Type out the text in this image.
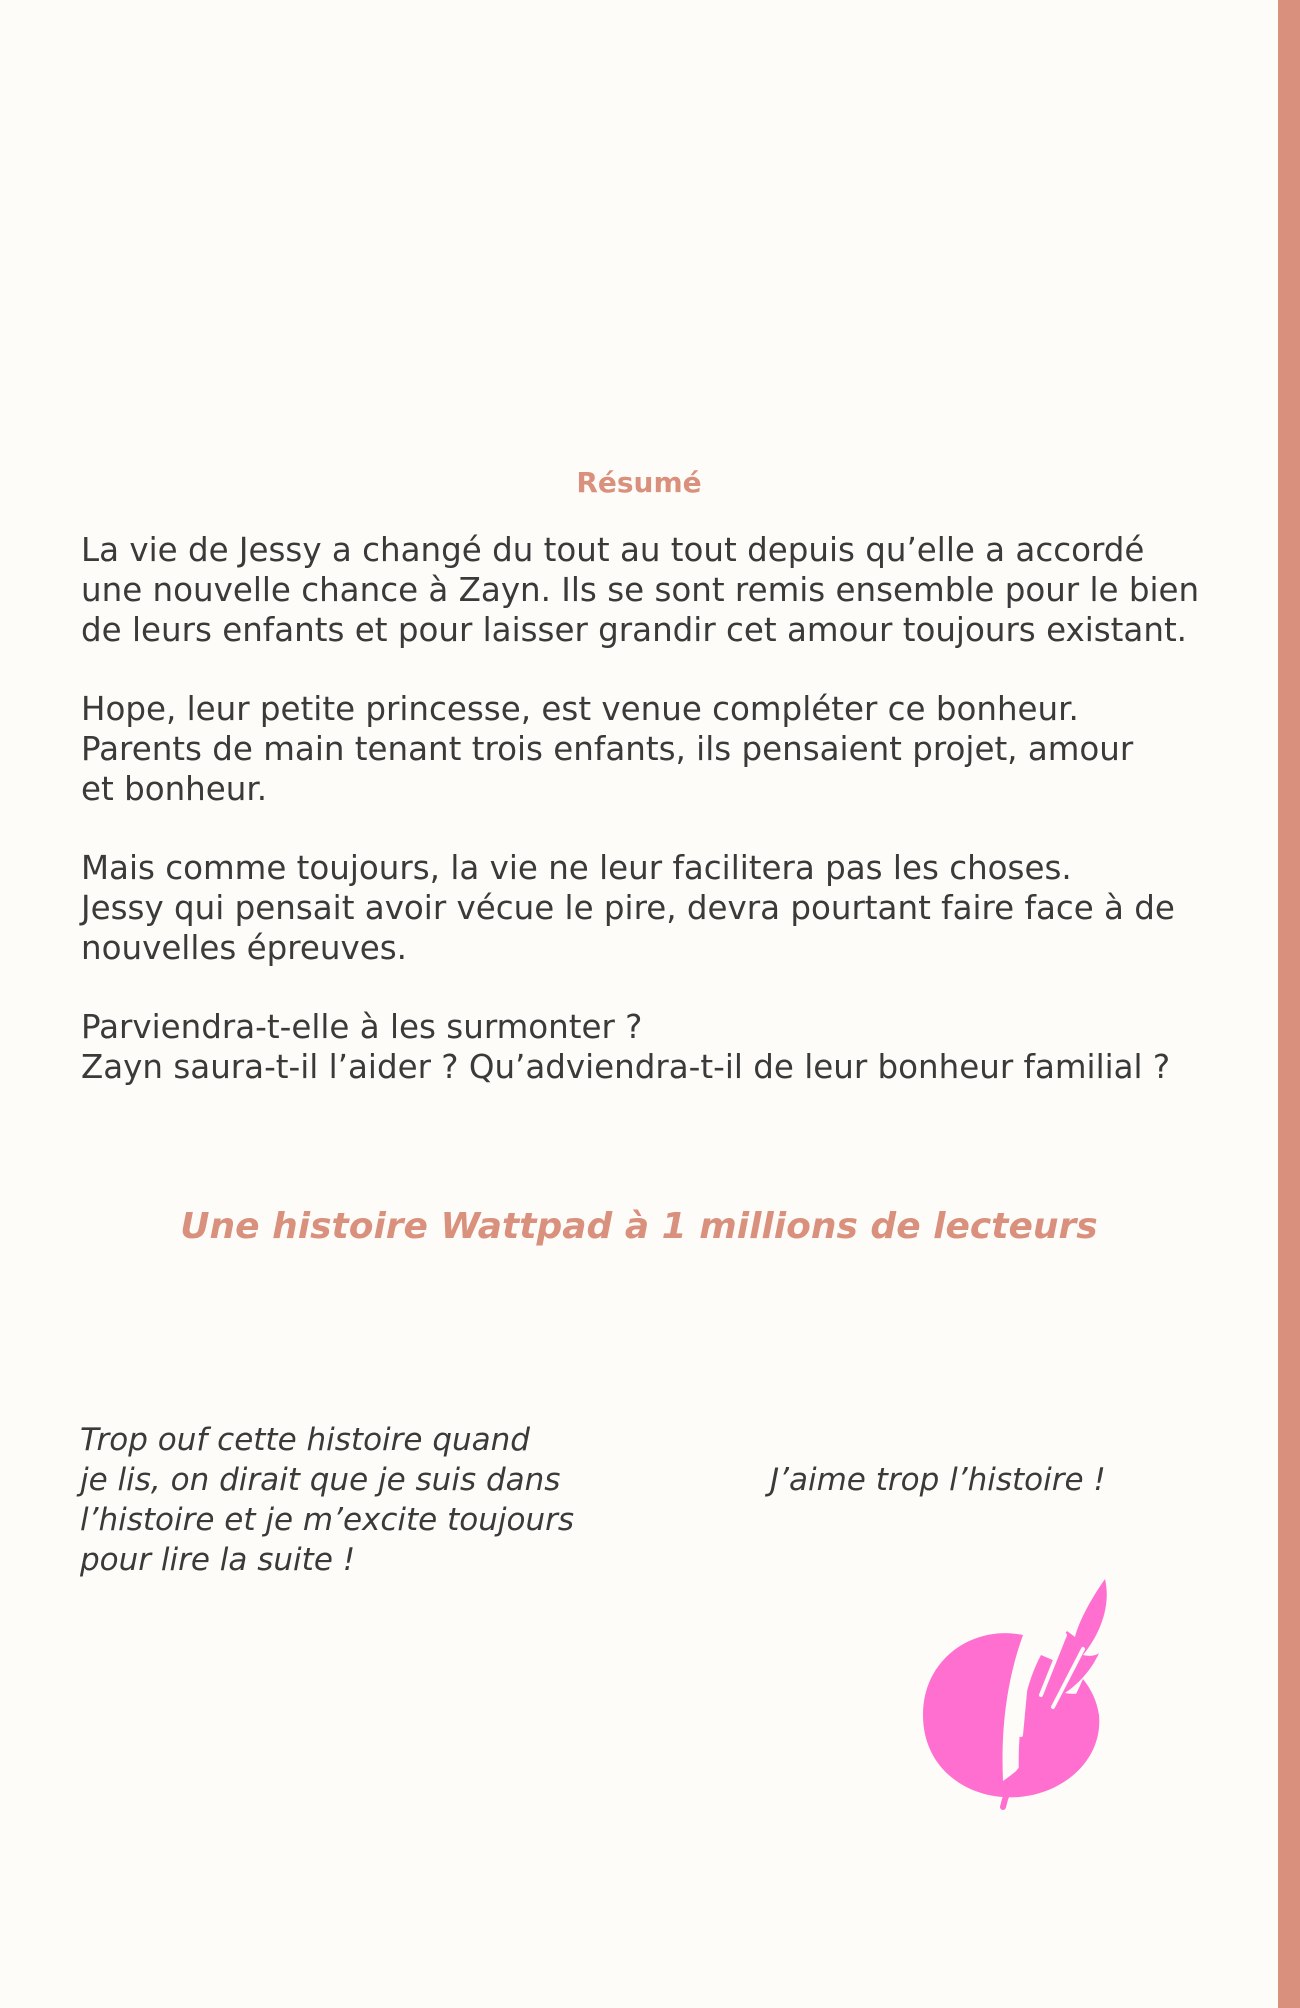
Résumé

La vie de Jessy a changé du tout au tout depuis qu’elle a accordé
une nouvelle chance à Zayn. Ils se sont remis ensemble pour le bien
de leurs enfants et pour laisser grandir cet amour toujours existant.

Hope, leur petite princesse, est venue compléter ce bonheur.
Parents de main tenant trois enfants, ils pensaient projet, amour
et bonheur.

Mais comme toujours, la vie ne leur facilitera pas les choses.
Jessy qui pensait avoir vécue le pire, devra pourtant faire face à de
nouvelles épreuves.

Parviendra-t-elle à les surmonter ?
Zayn saura-t-il l’aider ? Qu’adviendra-t-il de leur bonheur familial ?

Une histoire Wattpad à 1 millions de lecteurs
Trop ouf cette histoire quand
je lis, on dirait que je suis dans
l’histoire et je m’excite toujours
pour lire la suite !
J’aime trop l’histoire !
